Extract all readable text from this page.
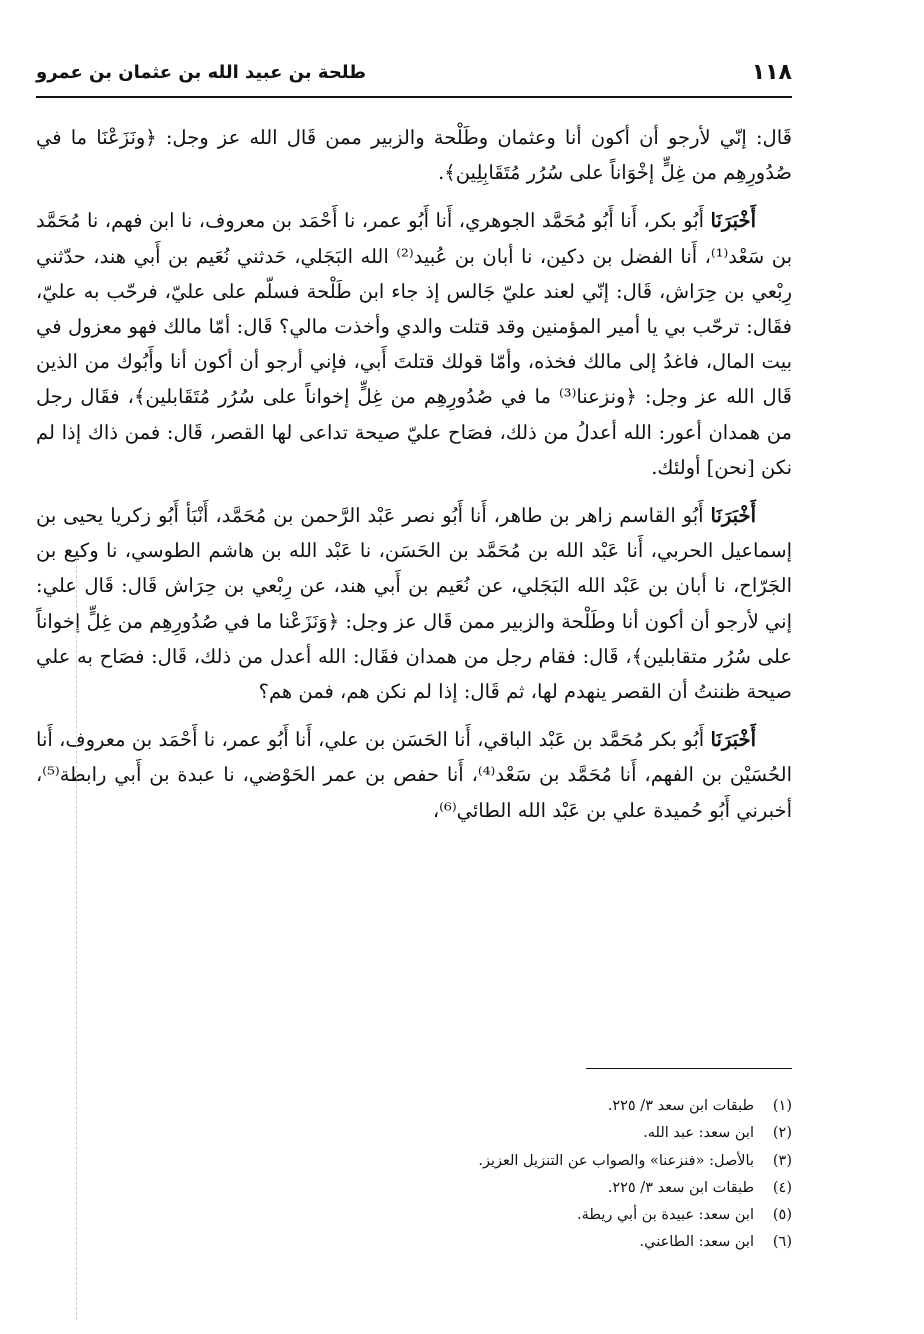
١١٨
طلحة بن عبيد الله بن عثمان بن عمرو

قَال: إنّي لأرجو أن أكون أنا وعثمان وطَلْحة والزبير ممن قَال الله عز وجل: ﴿ونَزَعْنَا ما في صُدُورِهِم من غِلٍّ إخْوَاناً على سُرُر مُتَقَابِلِين﴾.

أَخْبَرَنَا أَبُو بكر، أَنا أَبُو مُحَمَّد الجوهري، أَنا أَبُو عمر، نا أَحْمَد بن معروف، نا ابن فهم، نا مُحَمَّد بن سَعْد⁽¹⁾، أَنا الفضل بن دكين، نا أبان بن عُبيد⁽²⁾ الله البَجَلي، حَدثني نُعَيم بن أَبي هند، حدّثني رِبْعي بن حِرَاش، قَال: إنّي لعند عليّ جَالس إذ جاء ابن طَلْحة فسلّم على عليّ، فرحّب به عليّ، فقَال: ترحّب بي يا أمير المؤمنين وقد قتلت والدي وأخذت مالي؟ قَال: أمّا مالك فهو معزول في بيت المال، فاغدُ إلى مالك فخذه، وأمّا قولك قتلتَ أَبي، فإني أرجو أن أكون أنا وأَبُوك من الذين قَال الله عز وجل: ﴿ونزعنا⁽³⁾ ما في صُدُورِهِم من غِلٍّ إخواناً على سُرُر مُتَقَابلين﴾، فقَال رجل من همدان أعور: الله أعدلُ من ذلك، فصَاح عليّ صيحة تداعى لها القصر، قَال: فمن ذاك إذا لم نكن [نحن] أولئك.

أَخْبَرَنَا أَبُو القاسم زاهر بن طاهر، أَنا أَبُو نصر عَبْد الرَّحمن بن مُحَمَّد، أَنْبَأ أَبُو زكريا يحيى بن إسماعيل الحربي، أَنا عَبْد الله بن مُحَمَّد بن الحَسَن، نا عَبْد الله بن هاشم الطوسي، نا وكيع بن الجَرّاح، نا أبان بن عَبْد الله البَجَلي، عن نُعَيم بن أَبي هند، عن رِبْعي بن حِرَاش قَال: قَال علي: إني لأرجو أن أكون أنا وطَلْحة والزبير ممن قَال عز وجل: ﴿وَنَزَعْنا ما في صُدُورِهِم من غِلٍّ إخواناً على سُرُر متقابلين﴾، قَال: فقام رجل من همدان فقَال: الله أعدل من ذلك، قَال: فصَاح به علي صيحة ظننتُ أن القصر ينهدم لها، ثم قَال: إذا لم نكن هم، فمن هم؟

أَخْبَرَنَا أَبُو بكر مُحَمَّد بن عَبْد الباقي، أَنا الحَسَن بن علي، أَنا أَبُو عمر، نا أَحْمَد بن معروف، أَنا الحُسَيْن بن الفهم، أَنا مُحَمَّد بن سَعْد⁽⁴⁾، أَنا حفص بن عمر الحَوْضي، نا عبدة بن أَبي رابطة⁽⁵⁾، أخبرني أَبُو حُميدة علي بن عَبْد الله الطائي⁽⁶⁾،

(١)طبقات ابن سعد ٣/ ٢٢٥.
(٢)ابن سعد: عبد الله.
(٣)بالأصل: «فنزعنا» والصواب عن التنزيل العزيز.
(٤)طبقات ابن سعد ٣/ ٢٢٥.
(٥)ابن سعد: عبيدة بن أبي ريطة.
(٦)ابن سعد: الطاعني.
